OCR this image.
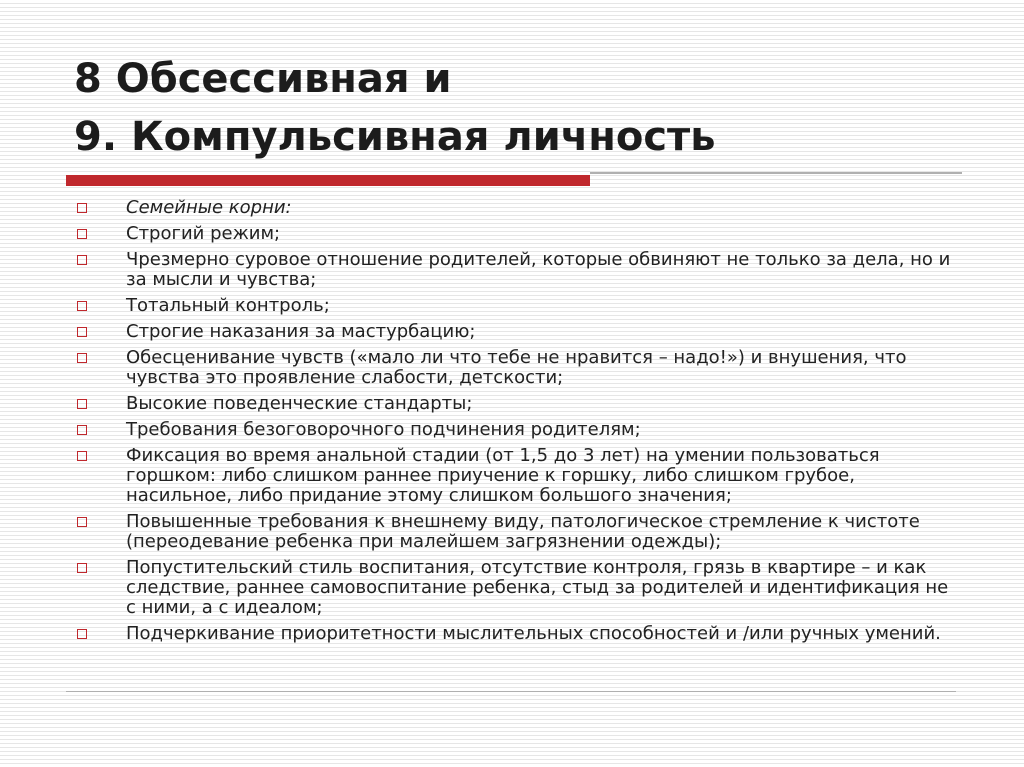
8 Обсессивная и
9. Компульсивная личность
Семейные корни:
Строгий режим;
Чрезмерно суровое отношение родителей, которые обвиняют не только за дела, но и за мысли и чувства;
Тотальный контроль;
Строгие наказания за мастурбацию;
Обесценивание чувств («мало ли что тебе не нравится – надо!») и внушения, что чувства это проявление слабости, детскости;
Высокие поведенческие стандарты;
Требования безоговорочного подчинения родителям;
Фиксация во время анальной стадии (от 1,5 до 3 лет) на умении пользоваться горшком: либо слишком раннее приучение к горшку, либо слишком грубое, насильное, либо придание этому слишком большого значения;
Повышенные требования к внешнему виду, патологическое стремление к чистоте (переодевание ребенка при малейшем загрязнении одежды);
Попустительский стиль воспитания, отсутствие контроля, грязь в квартире – и как следствие, раннее самовоспитание ребенка, стыд за родителей и идентификация не с ними, а с идеалом;
Подчеркивание приоритетности мыслительных способностей и /или ручных умений.
